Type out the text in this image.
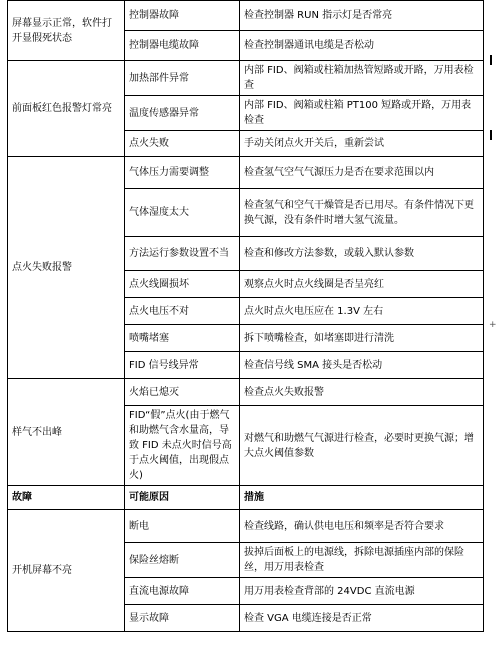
屏幕显示正常，软件打开显假死状态	控制器故障	检查控制器 RUN 指示灯是否常亮
	控制器电缆故障	检查控制器通讯电缆是否松动
前面板红色报警灯常亮	加热部件异常	内部 FID、阀箱或柱箱加热管短路或开路，万用表检查
	温度传感器异常	内部 FID、阀箱或柱箱 PT100 短路或开路，万用表检查
	点火失败	手动关闭点火开关后，重新尝试
点火失败报警	气体压力需要调整	检查氢气空气气源压力是否在要求范围以内
	气体湿度太大	检查氢气和空气干燥管是否已用尽。有条件情况下更换气源，没有条件时增大氢气流量。
	方法运行参数设置不当	检查和修改方法参数，或载入默认参数
	点火线圈损坏	观察点火时点火线圈是否呈亮红
	点火电压不对	点火时点火电压应在 1.3V 左右
	喷嘴堵塞	拆下喷嘴检查，如堵塞即进行清洗
	FID 信号线异常	检查信号线 SMA 接头是否松动
样气不出峰	火焰已熄灭	检查点火失败报警
	FID“假”点火(由于燃气和助燃气含水量高，导致 FID 未点火时信号高于点火阈值，出现假点火)	对燃气和助燃气气源进行检查，必要时更换气源；增大点火阈值参数
故障	可能原因	措施
开机屏幕不亮	断电	检查线路，确认供电电压和频率是否符合要求
	保险丝熔断	拔掉后面板上的电源线，拆除电源插座内部的保险丝，用万用表检查
	直流电源故障	用万用表检查背部的 24VDC 直流电源
	显示故障	检查 VGA 电缆连接是否正常
+
